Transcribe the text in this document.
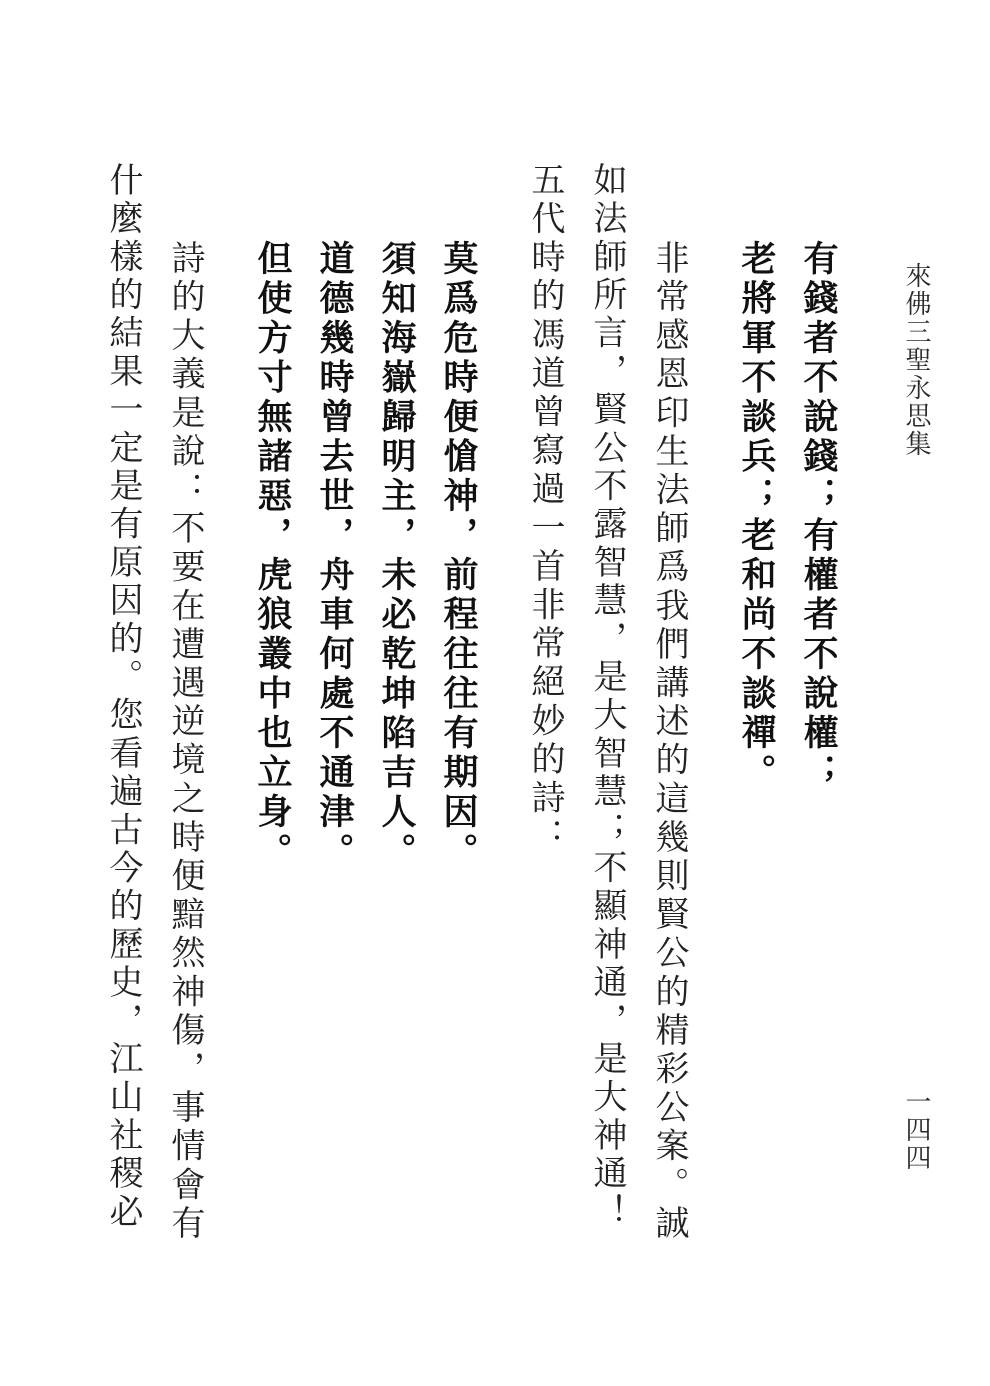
來佛三聖永思集
一四四
有錢者不說錢；有權者不說權；
老將軍不談兵；老和尚不談禪。
非常感恩印生法師爲我們講述的這幾則賢公的精彩公案。誠
如法師所言，賢公不露智慧，是大智慧；不顯神通，是大神通！
五代時的馮道曾寫過一首非常絕妙的詩：
莫爲危時便愴神，前程往往有期因。
須知海嶽歸明主，未必乾坤陷吉人。
道德幾時曾去世，舟車何處不通津。
但使方寸無諸惡，虎狼叢中也立身。
詩的大義是說：不要在遭遇逆境之時便黯然神傷，事情會有
什麼樣的結果一定是有原因的。您看遍古今的歷史，江山社稷必
